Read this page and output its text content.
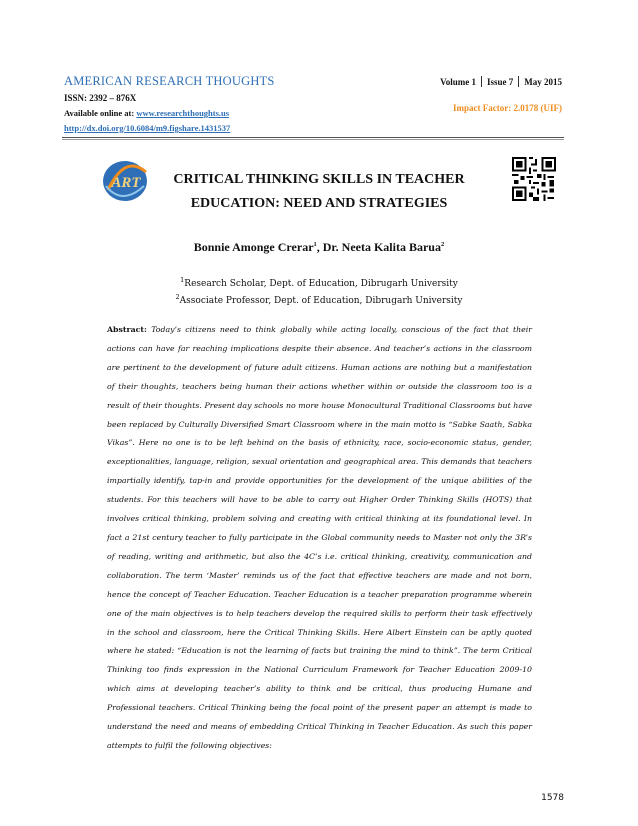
AMERICAN RESEARCH THOUGHTS
ISSN: 2392 – 876X
Available online at: www.researchthoughts.us
http://dx.doi.org/10.6084/m9.figshare.1431537
Volume 1 Issue 7 May 2015
Impact Factor: 2.0178 (UIF)
ART	CRITICAL THINKING SKILLS IN TEACHER
EDUCATION: NEED AND STRATEGIES
Bonnie Amonge Crerar$^1$, Dr. Neeta Kalita Barua$^2$
$^1$Research Scholar, Dept. of Education, Dibrugarh University
$^2$Associate Professor, Dept. of Education, Dibrugarh University
Abstract: Today’s citizens need to think globally while acting locally, conscious of the fact that their actions can have far reaching implications despite their absence. And teacher’s actions in the classroom are pertinent to the development of future adult citizens. Human actions are nothing but a manifestation of their thoughts, teachers being human their actions whether within or outside the classroom too is a result of their thoughts. Present day schools no more house Monocultural Traditional Classrooms but have been replaced by Culturally Diversified Smart Classroom where in the main motto is “Sabke Saath, Sabka Vikas”. Here no one is to be left behind on the basis of ethnicity, race, socio-economic status, gender, exceptionalities, language, religion, sexual orientation and geographical area. This demands that teachers impartially identify, tap-in and provide opportunities for the development of the unique abilities of the students. For this teachers will have to be able to carry out Higher Order Thinking Skills (HOTS) that involves critical thinking, problem solving and creating with critical thinking at its foundational level. In fact a 21st century teacher to fully participate in the Global community needs to Master not only the 3R’s of reading, writing and arithmetic, but also the 4C’s i.e. critical thinking, creativity, communication and collaboration. The term ‘Master’ reminds us of the fact that effective teachers are made and not born, hence the concept of Teacher Education. Teacher Education is a teacher preparation programme wherein one of the main objectives is to help teachers develop the required skills to perform their task effectively in the school and classroom, here the Critical Thinking Skills. Here Albert Einstein can be aptly quoted where he stated: “Education is not the learning of facts but training the mind to think”. The term Critical Thinking too finds expression in the National Curriculum Framework for Teacher Education 2009-10 which aims at developing teacher’s ability to think and be critical, thus producing Humane and Professional teachers. Critical Thinking being the focal point of the present paper an attempt is made to understand the need and means of embedding Critical Thinking in Teacher Education. As such this paper attempts to fulfil the following objectives:
1578
